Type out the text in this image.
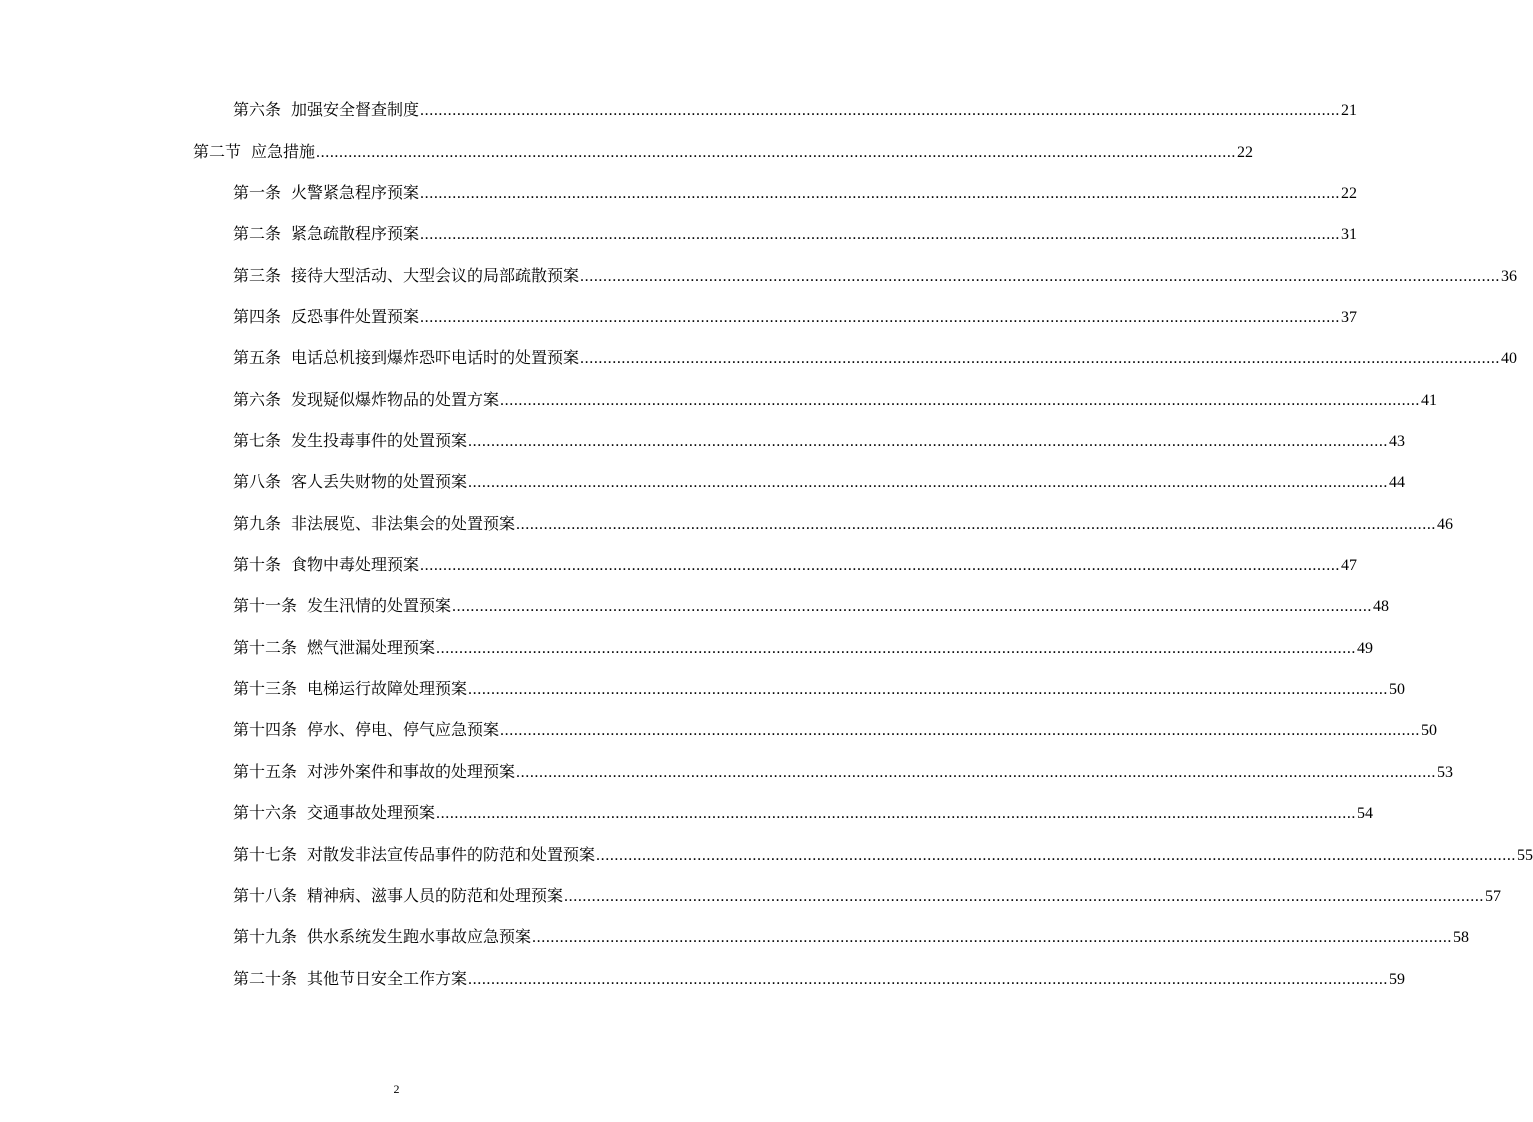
第六条 加强安全督查制度 ........................................................................................................................................................................................................ 21
第二节 应急措施 ........................................................................................................................................................................................................ 22
第一条 火警紧急程序预案 ........................................................................................................................................................................................................ 22
第二条 紧急疏散程序预案 ........................................................................................................................................................................................................ 31
第三条 接待大型活动、大型会议的局部疏散预案 ........................................................................................................................................................................................................ 36
第四条 反恐事件处置预案 ........................................................................................................................................................................................................ 37
第五条 电话总机接到爆炸恐吓电话时的处置预案 ........................................................................................................................................................................................................ 40
第六条 发现疑似爆炸物品的处置方案 ........................................................................................................................................................................................................ 41
第七条 发生投毒事件的处置预案 ........................................................................................................................................................................................................ 43
第八条 客人丢失财物的处置预案 ........................................................................................................................................................................................................ 44
第九条 非法展览、非法集会的处置预案 ........................................................................................................................................................................................................ 46
第十条 食物中毒处理预案 ........................................................................................................................................................................................................ 47
第十一条 发生汛情的处置预案 ........................................................................................................................................................................................................ 48
第十二条 燃气泄漏处理预案 ........................................................................................................................................................................................................ 49
第十三条 电梯运行故障处理预案 ........................................................................................................................................................................................................ 50
第十四条 停水、停电、停气应急预案 ........................................................................................................................................................................................................ 50
第十五条 对涉外案件和事故的处理预案 ........................................................................................................................................................................................................ 53
第十六条 交通事故处理预案 ........................................................................................................................................................................................................ 54
第十七条 对散发非法宣传品事件的防范和处置预案 ........................................................................................................................................................................................................ 55
第十八条 精神病、滋事人员的防范和处理预案 ........................................................................................................................................................................................................ 57
第十九条 供水系统发生跑水事故应急预案 ........................................................................................................................................................................................................ 58
第二十条 其他节日安全工作方案 ........................................................................................................................................................................................................ 59
2
